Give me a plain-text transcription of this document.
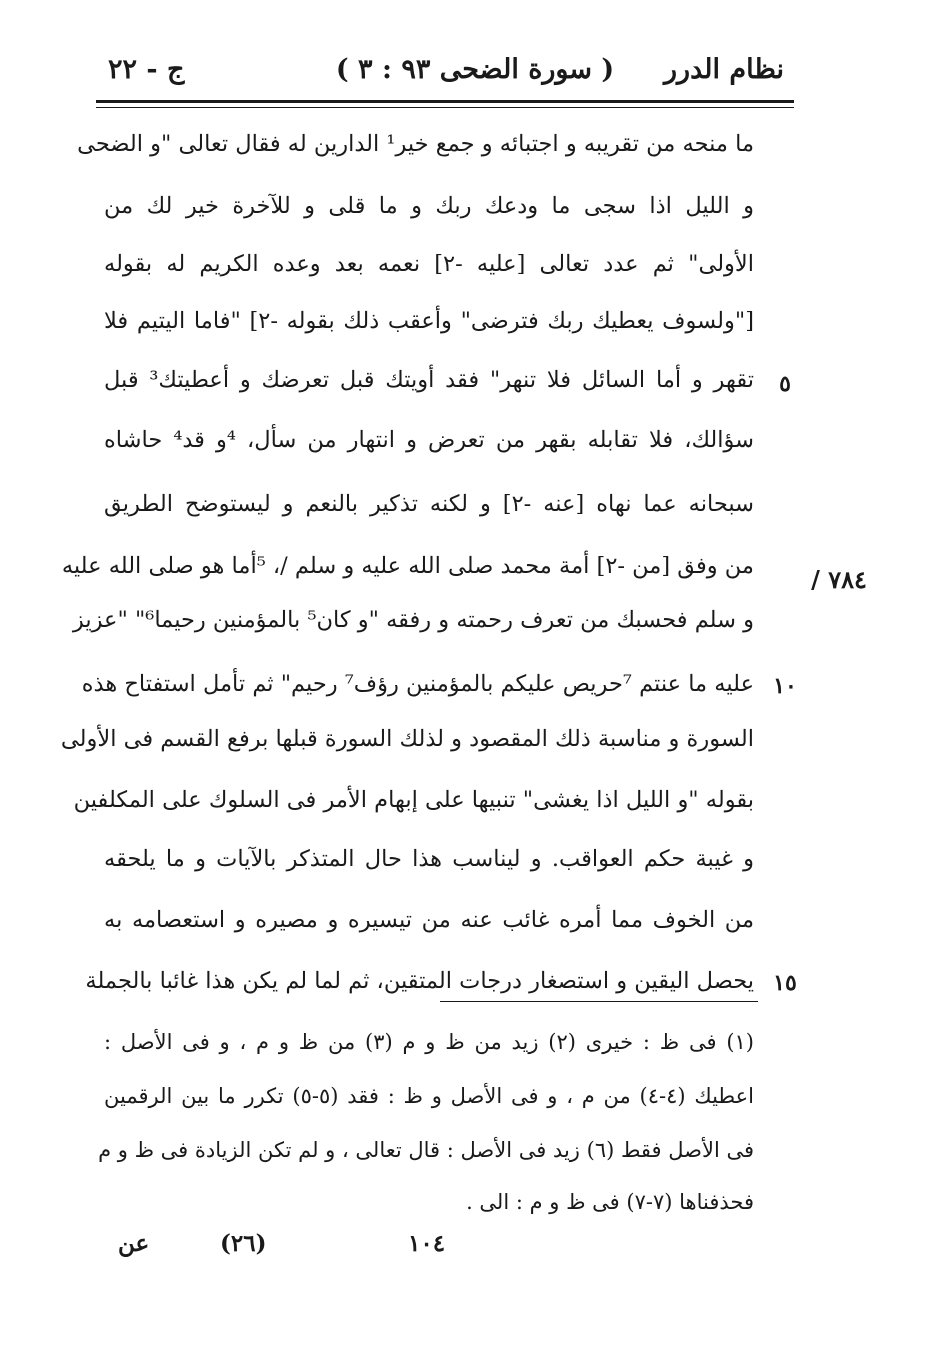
نظام الدرر
( سورة الضحى ٩٣ : ٣ )
ج - ٢٢
ما منحه من تقريبه و اجتبائه و جمع خير¹ الدارين له فقال تعالى "و الضحى
و الليل اذا سجى ما ودعك ربك و ما قلى و للآخرة خير لك من
الأولى" ثم عدد تعالى [عليه -٢] نعمه بعد وعده الكريم له بقوله
["ولسوف يعطيك ربك فترضى" وأعقب ذلك بقوله -٢] "فاما اليتيم فلا
تقهر و أما السائل فلا تنهر" فقد أويتك قبل تعرضك و أعطيتك³ قبل
سؤالك، فلا تقابله بقهر من تعرض و انتهار من سأل، ⁴و قد⁴ حاشاه
سبحانه عما نهاه [عنه -٢] و لكنه تذكير بالنعم و ليستوضح الطريق
من وفق [من -٢] أمة محمد صلى الله عليه و سلم /، ⁵أما هو صلى الله عليه
و سلم فحسبك من تعرف رحمته و رفقه "و كان⁵ بالمؤمنين رحيما⁶" "عزيز
عليه ما عنتم ⁷حريص عليكم بالمؤمنين رؤف⁷ رحيم" ثم تأمل استفتاح هذه
السورة و مناسبة ذلك المقصود و لذلك السورة قبلها برفع القسم فى الأولى
بقوله "و الليل اذا يغشى" تنبيها على إبهام الأمر فى السلوك على المكلفين
و غيبة حكم العواقب. و ليناسب هذا حال المتذكر بالآيات و ما يلحقه
من الخوف مما أمره غائب عنه من تيسيره و مصيره و استعصامه به
يحصل اليقين و استصغار درجات المتقين، ثم لما لم يكن هذا غائبا بالجملة
٥
١٠
١٥
٧٨٤ /
(١) فى ظ : خيرى (٢) زيد من ظ و م (٣) من ظ و م ، و فى الأصل :
اعطيك (٤-٤) من م ، و فى الأصل و ظ : فقد (٥-٥) تكرر ما بين الرقمين
فى الأصل فقط (٦) زيد فى الأصل : قال تعالى ، و لم تكن الزيادة فى ظ و م
فحذفناها (٧-٧) فى ظ و م : الى .
عن	(٢٦)	١٠٤
